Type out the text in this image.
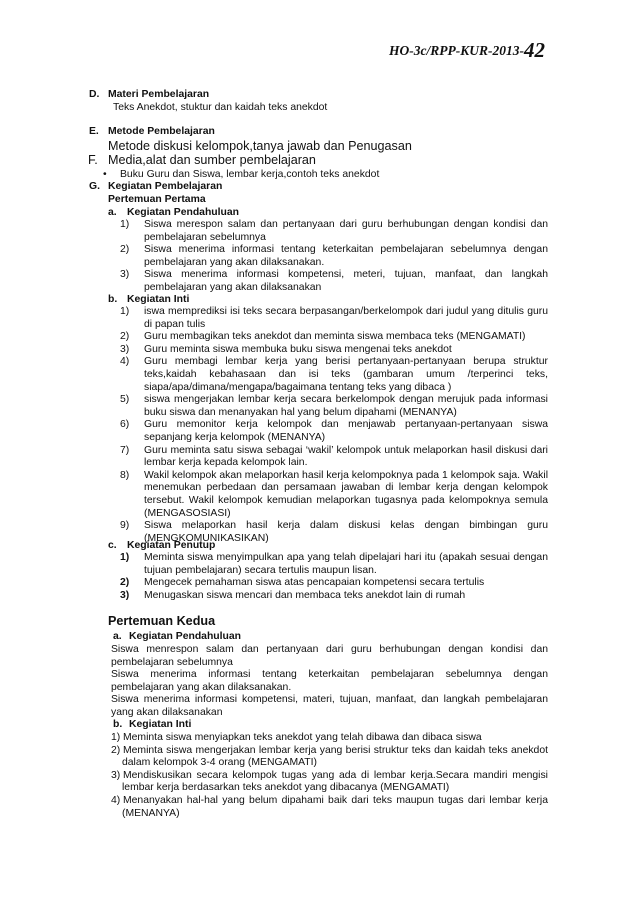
HO-3c/RPP-KUR-2013-42
D. Materi Pembelajaran
Teks Anekdot, stuktur dan kaidah teks anekdot
E. Metode Pembelajaran
Metode diskusi kelompok,tanya jawab dan Penugasan
F. Media,alat dan sumber pembelajaran
• Buku Guru dan Siswa, lembar kerja,contoh teks anekdot
G. Kegiatan Pembelajaran
Pertemuan Pertama
a. Kegiatan Pendahuluan
1) Siswa merespon salam dan pertanyaan dari guru berhubungan dengan kondisi dan pembelajaran sebelumnya
2) Siswa menerima informasi tentang keterkaitan pembelajaran sebelumnya dengan pembelajaran yang akan dilaksanakan.
3) Siswa menerima informasi kompetensi, meteri, tujuan, manfaat, dan langkah pembelajaran yang akan dilaksanakan
b. Kegiatan Inti
1) iswa memprediksi isi teks secara berpasangan/berkelompok dari judul yang ditulis guru di papan tulis
2) Guru membagikan teks anekdot dan meminta siswa membaca teks (MENGAMATI)
3) Guru meminta siswa membuka buku siswa mengenai teks anekdot
4) Guru membagi lembar kerja yang berisi pertanyaan-pertanyaan berupa struktur teks,kaidah kebahasaan dan isi teks (gambaran umum /terperinci teks, siapa/apa/dimana/mengapa/bagaimana tentang teks yang dibaca )
5) siswa mengerjakan lembar kerja secara berkelompok dengan merujuk pada informasi buku siswa dan menanyakan hal yang belum dipahami (MENANYA)
6) Guru memonitor kerja kelompok dan menjawab pertanyaan-pertanyaan siswa sepanjang kerja kelompok (MENANYA)
7) Guru meminta satu siswa sebagai ‘wakil’ kelompok untuk melaporkan hasil diskusi dari lembar kerja kepada kelompok lain.
8) Wakil kelompok akan melaporkan hasil kerja kelompoknya pada 1 kelompok saja. Wakil menemukan perbedaan dan persamaan jawaban di lembar kerja dengan kelompok tersebut. Wakil kelompok kemudian melaporkan tugasnya pada kelompoknya semula (MENGASOSIASI)
9) Siswa melaporkan hasil kerja dalam diskusi kelas dengan bimbingan guru (MENGKOMUNIKASIKAN)
c. Kegiatan Penutup
1) Meminta siswa menyimpulkan apa yang telah dipelajari hari itu (apakah sesuai dengan tujuan pembelajaran) secara tertulis maupun lisan.
2) Mengecek pemahaman siswa atas pencapaian kompetensi secara tertulis
3) Menugaskan siswa mencari dan membaca teks anekdot lain di rumah
Pertemuan Kedua
a. Kegiatan Pendahuluan
Siswa menrespon salam dan pertanyaan dari guru berhubungan dengan kondisi dan pembelajaran sebelumnya
Siswa menerima informasi tentang keterkaitan pembelajaran sebelumnya dengan pembelajaran yang akan dilaksanakan.
Siswa menerima informasi kompetensi, materi, tujuan, manfaat, dan langkah pembelajaran yang akan dilaksanakan
b. Kegiatan Inti
1) Meminta siswa menyiapkan teks anekdot yang telah dibawa dan dibaca siswa
2) Meminta siswa mengerjakan lembar kerja yang berisi struktur teks dan kaidah teks anekdot dalam kelompok 3-4 orang (MENGAMATI)
3) Mendiskusikan secara kelompok tugas yang ada di lembar kerja.Secara mandiri mengisi lembar kerja berdasarkan teks anekdot yang dibacanya (MENGAMATI)
4) Menanyakan hal-hal yang belum dipahami baik dari teks maupun tugas dari lembar kerja (MENANYA)
